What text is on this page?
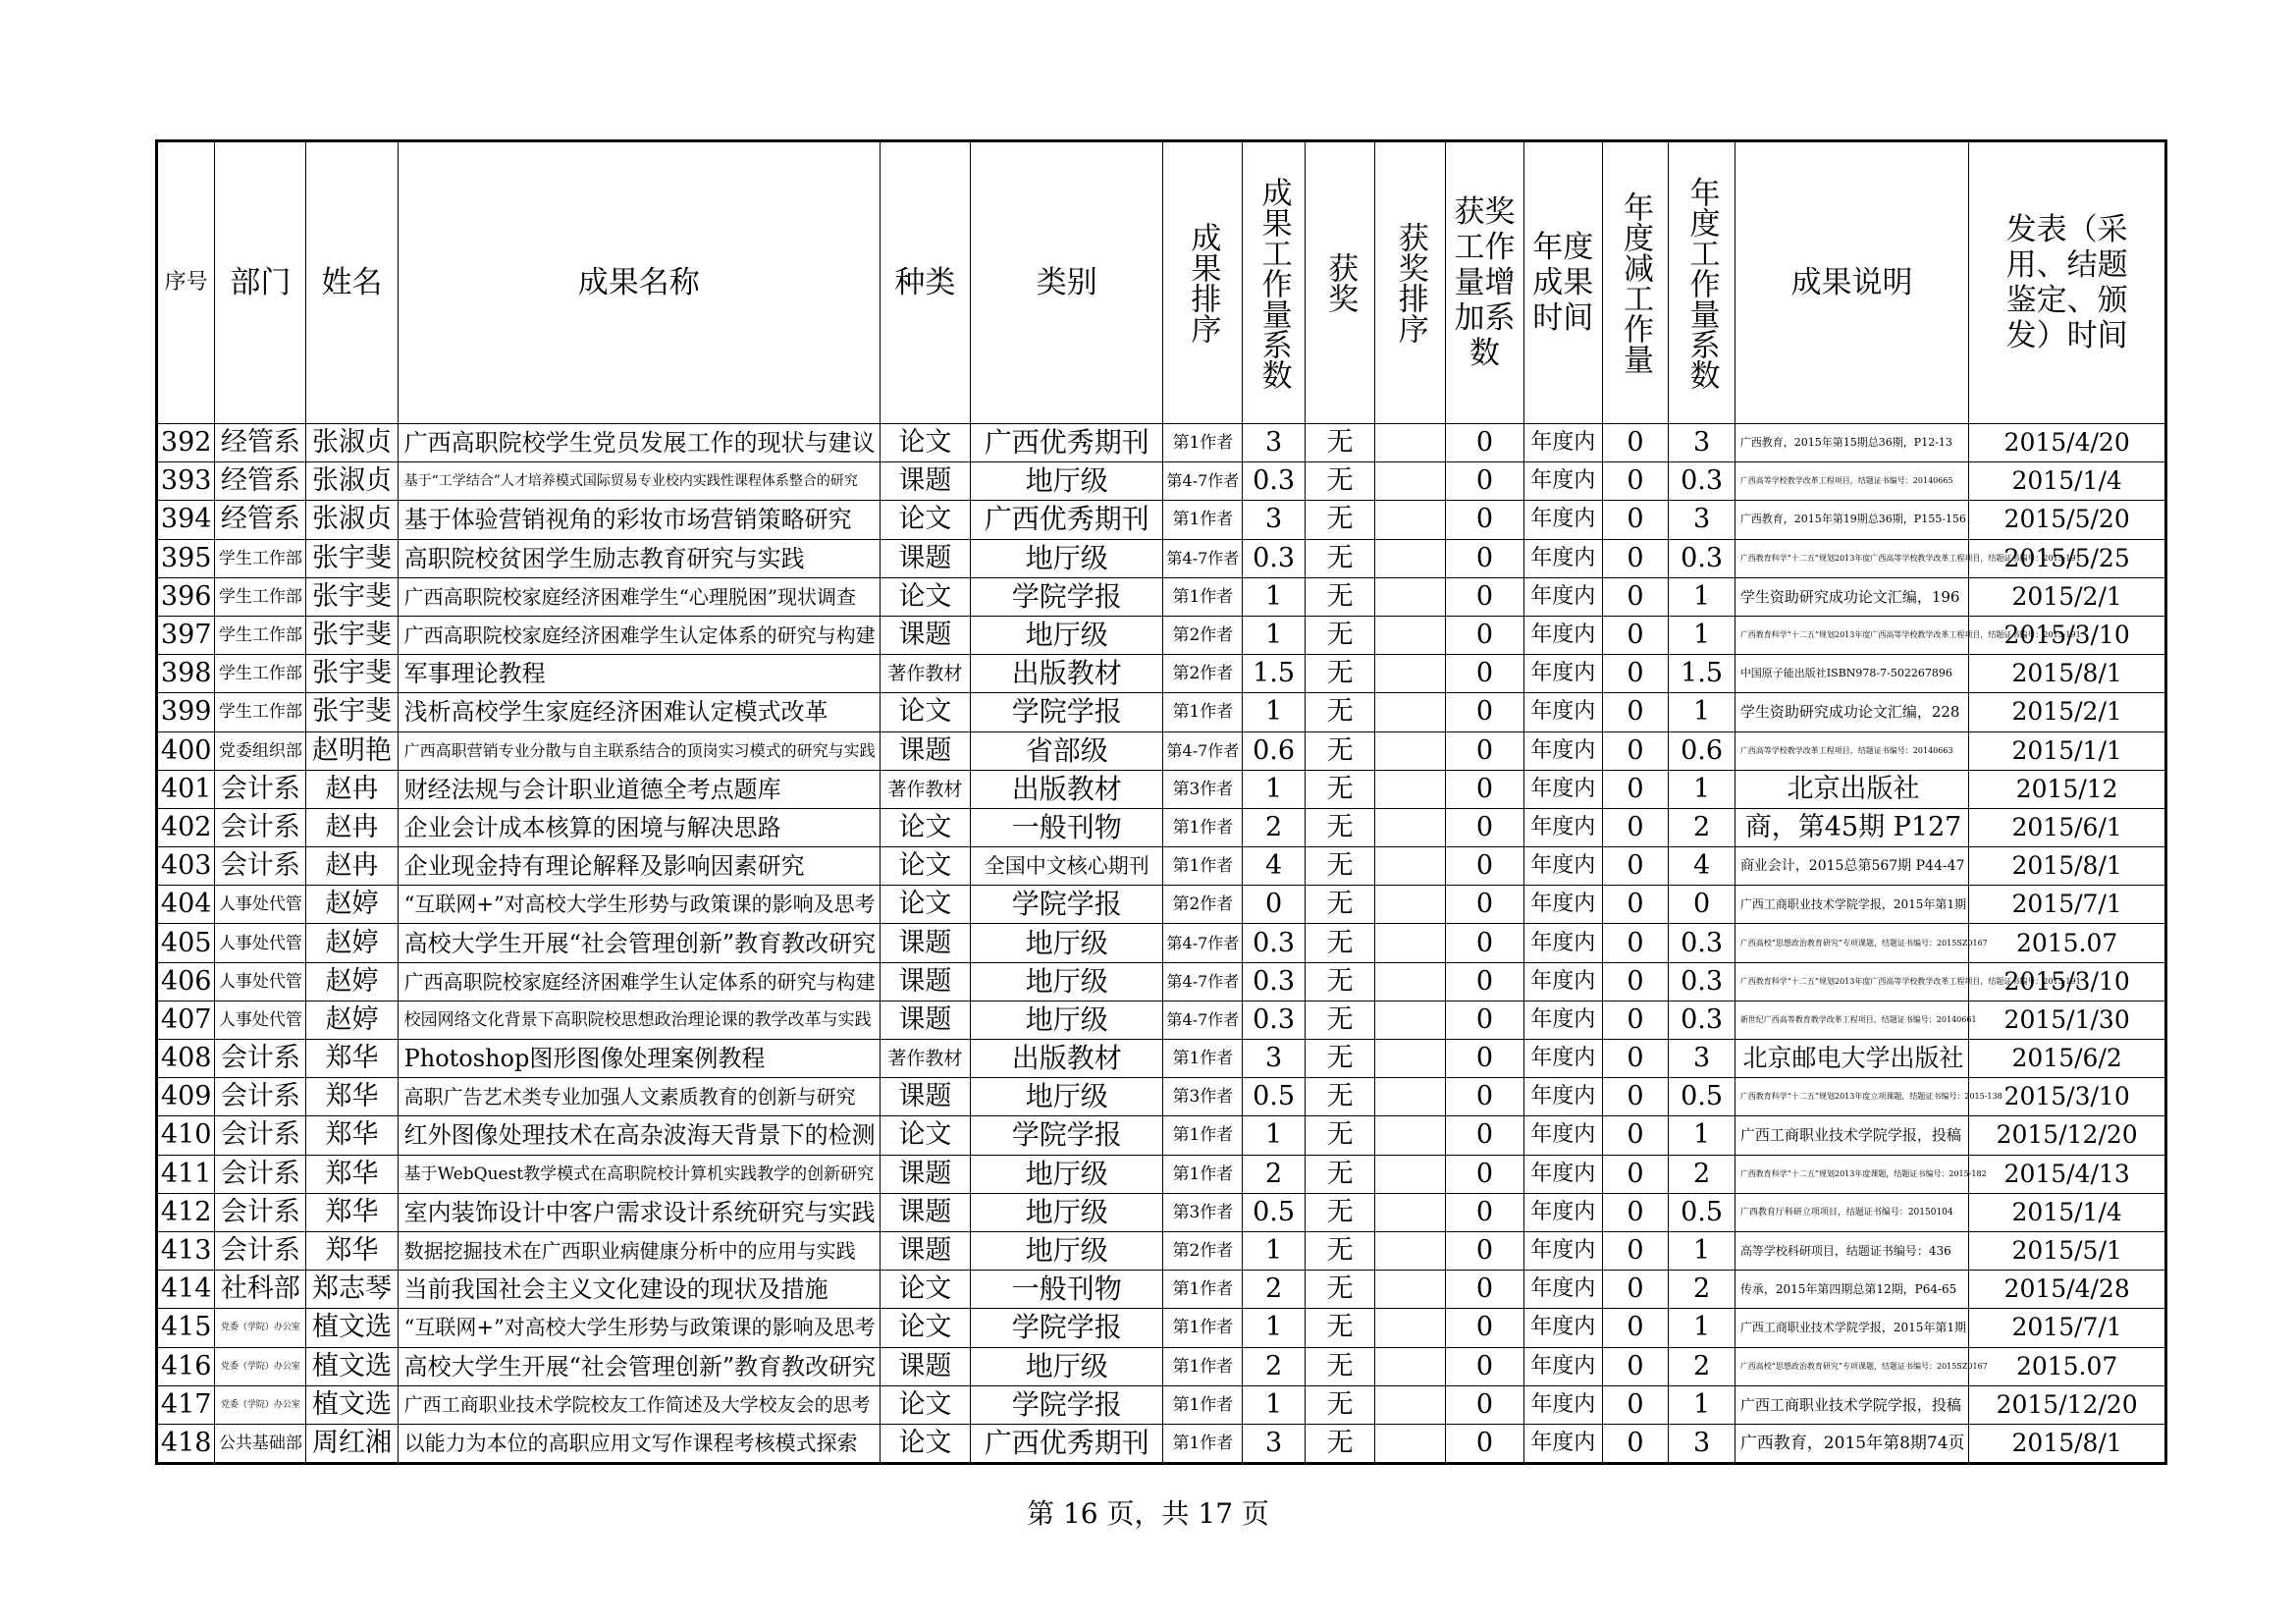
序号	部门	姓名	成果名称	种类	类别	成果排序	成果工作量系数	获奖	获奖排序	获奖工作量增加系数	年度成果时间	年度减工作量	年度工作量系数	成果说明	发表（采用、结题鉴定、颁发）时间
392	经管系	张淑贞	广西高职院校学生党员发展工作的现状与建议	论文	广西优秀期刊	第1作者	3	无		0	年度内	0	3	广西教育，2015年第15期总36期，P12-13	2015/4/20
393	经管系	张淑贞	基于“工学结合”人才培养模式国际贸易专业校内实践性课程体系整合的研究	课题	地厅级	第4-7作者	0.3	无		0	年度内	0	0.3	广西高等学校教学改革工程项目，结题证书编号：20140665	2015/1/4
394	经管系	张淑贞	基于体验营销视角的彩妆市场营销策略研究	论文	广西优秀期刊	第1作者	3	无		0	年度内	0	3	广西教育，2015年第19期总36期，P155-156	2015/5/20
395	学生工作部	张宇斐	高职院校贫困学生励志教育研究与实践	课题	地厅级	第4-7作者	0.3	无		0	年度内	0	0.3	广西教育科学“十二五”规划2013年度广西高等学校教学改革工程项目，结题证书编号：2015-191	2015/5/25
396	学生工作部	张宇斐	广西高职院校家庭经济困难学生“心理脱困”现状调查	论文	学院学报	第1作者	1	无		0	年度内	0	1	学生资助研究成功论文汇编，196	2015/2/1
397	学生工作部	张宇斐	广西高职院校家庭经济困难学生认定体系的研究与构建	课题	地厅级	第2作者	1	无		0	年度内	0	1	广西教育科学“十二五”规划2013年度广西高等学校教学改革工程项目，结题证书编号：2015-191	2015/3/10
398	学生工作部	张宇斐	军事理论教程	著作教材	出版教材	第2作者	1.5	无		0	年度内	0	1.5	中国原子能出版社ISBN978-7-502267896	2015/8/1
399	学生工作部	张宇斐	浅析高校学生家庭经济困难认定模式改革	论文	学院学报	第1作者	1	无		0	年度内	0	1	学生资助研究成功论文汇编，228	2015/2/1
400	党委组织部	赵明艳	广西高职营销专业分散与自主联系结合的顶岗实习模式的研究与实践	课题	省部级	第4-7作者	0.6	无		0	年度内	0	0.6	广西高等学校教学改革工程项目，结题证书编号：20140663	2015/1/1
401	会计系	赵冉	财经法规与会计职业道德全考点题库	著作教材	出版教材	第3作者	1	无		0	年度内	0	1	北京出版社	2015/12
402	会计系	赵冉	企业会计成本核算的困境与解决思路	论文	一般刊物	第1作者	2	无		0	年度内	0	2	商，第45期 P127	2015/6/1
403	会计系	赵冉	企业现金持有理论解释及影响因素研究	论文	全国中文核心期刊	第1作者	4	无		0	年度内	0	4	商业会计，2015总第567期 P44-47	2015/8/1
404	人事处代管	赵婷	“互联网+”对高校大学生形势与政策课的影响及思考	论文	学院学报	第2作者	0	无		0	年度内	0	0	广西工商职业技术学院学报，2015年第1期	2015/7/1
405	人事处代管	赵婷	高校大学生开展“社会管理创新”教育教改研究	课题	地厅级	第4-7作者	0.3	无		0	年度内	0	0.3	广西高校“思想政治教育研究”专项课题，结题证书编号：2015SZ0167	2015.07
406	人事处代管	赵婷	广西高职院校家庭经济困难学生认定体系的研究与构建	课题	地厅级	第4-7作者	0.3	无		0	年度内	0	0.3	广西教育科学“十二五”规划2013年度广西高等学校教学改革工程项目，结题证书编号：2015-191	2015/3/10
407	人事处代管	赵婷	校园网络文化背景下高职院校思想政治理论课的教学改革与实践	课题	地厅级	第4-7作者	0.3	无		0	年度内	0	0.3	新世纪广西高等教育教学改革工程项目，结题证书编号：20140661	2015/1/30
408	会计系	郑华	Photoshop图形图像处理案例教程	著作教材	出版教材	第1作者	3	无		0	年度内	0	3	北京邮电大学出版社	2015/6/2
409	会计系	郑华	高职广告艺术类专业加强人文素质教育的创新与研究	课题	地厅级	第3作者	0.5	无		0	年度内	0	0.5	广西教育科学“十二五”规划2013年度立项课题，结题证书编号：2015-138	2015/3/10
410	会计系	郑华	红外图像处理技术在高杂波海天背景下的检测	论文	学院学报	第1作者	1	无		0	年度内	0	1	广西工商职业技术学院学报，投稿	2015/12/20
411	会计系	郑华	基于WebQuest教学模式在高职院校计算机实践教学的创新研究	课题	地厅级	第1作者	2	无		0	年度内	0	2	广西教育科学“十二五”规划2013年度课题，结题证书编号：2015-182	2015/4/13
412	会计系	郑华	室内装饰设计中客户需求设计系统研究与实践	课题	地厅级	第3作者	0.5	无		0	年度内	0	0.5	广西教育厅科研立项项目，结题证书编号：20150104	2015/1/4
413	会计系	郑华	数据挖掘技术在广西职业病健康分析中的应用与实践	课题	地厅级	第2作者	1	无		0	年度内	0	1	高等学校科研项目，结题证书编号：436	2015/5/1
414	社科部	郑志琴	当前我国社会主义文化建设的现状及措施	论文	一般刊物	第1作者	2	无		0	年度内	0	2	传承，2015年第四期总第12期，P64-65	2015/4/28
415	党委（学院）办公室	植文选	“互联网+”对高校大学生形势与政策课的影响及思考	论文	学院学报	第1作者	1	无		0	年度内	0	1	广西工商职业技术学院学报，2015年第1期	2015/7/1
416	党委（学院）办公室	植文选	高校大学生开展“社会管理创新”教育教改研究	课题	地厅级	第1作者	2	无		0	年度内	0	2	广西高校“思想政治教育研究”专项课题，结题证书编号：2015SZ0167	2015.07
417	党委（学院）办公室	植文选	广西工商职业技术学院校友工作简述及大学校友会的思考	论文	学院学报	第1作者	1	无		0	年度内	0	1	广西工商职业技术学院学报，投稿	2015/12/20
418	公共基础部	周红湘	以能力为本位的高职应用文写作课程考核模式探索	论文	广西优秀期刊	第1作者	3	无		0	年度内	0	3	广西教育，2015年第8期74页	2015/8/1
第 16 页，共 17 页
